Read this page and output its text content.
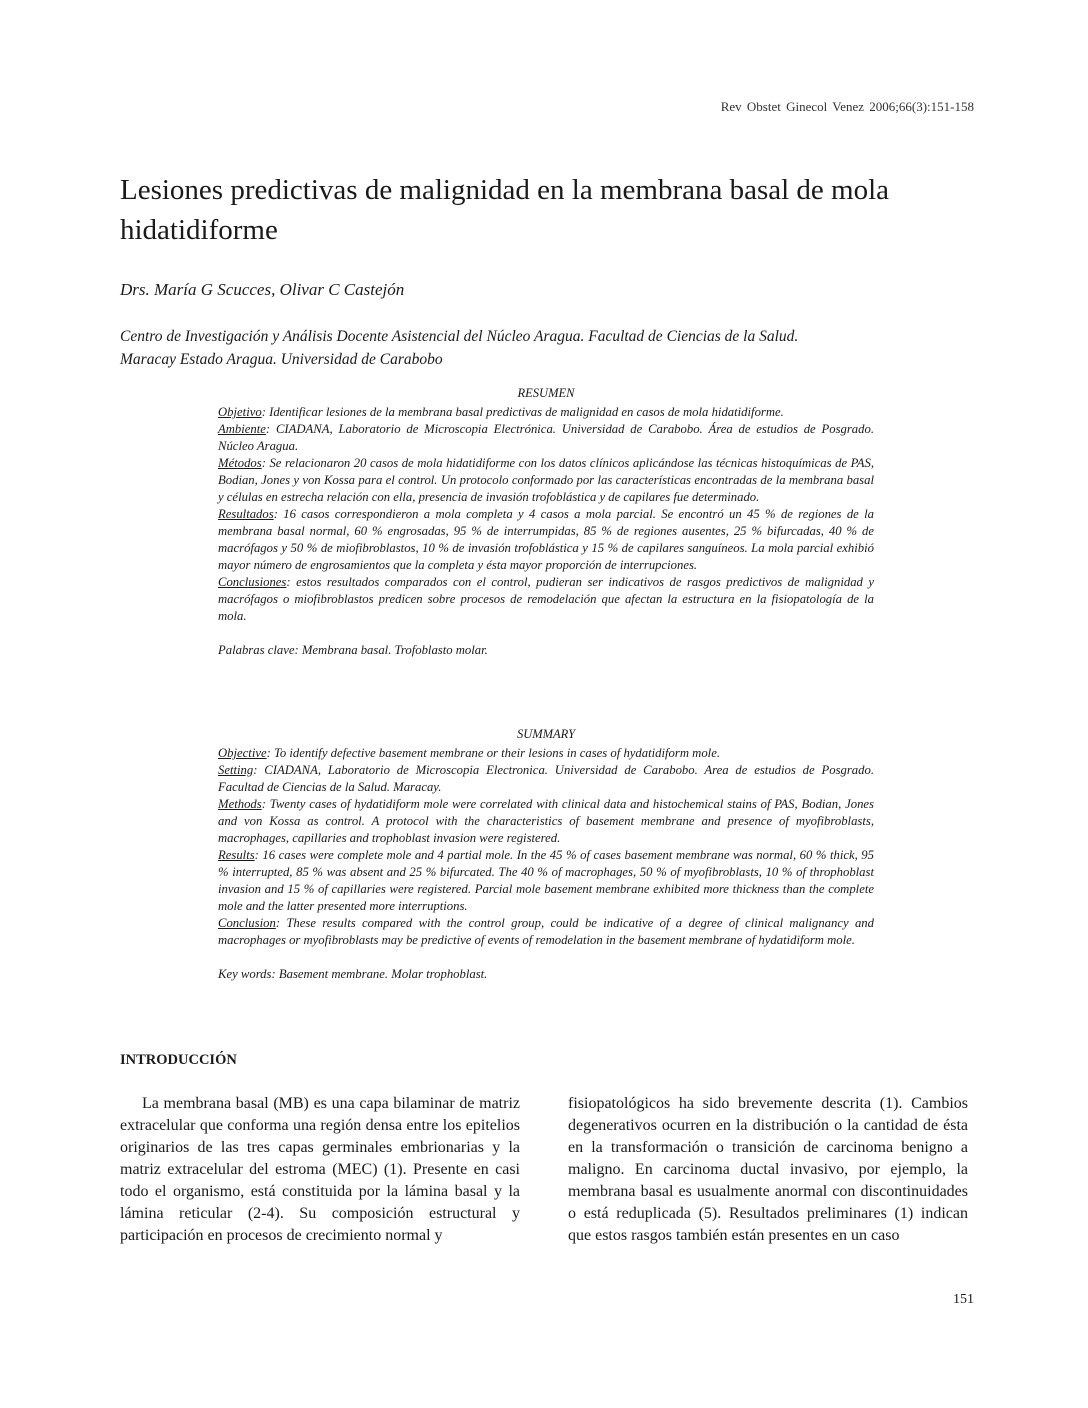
Rev Obstet Ginecol Venez 2006;66(3):151-158
Lesiones predictivas de malignidad en la membrana basal de mola hidatidiforme
Drs. María G Scucces, Olivar C Castejón
Centro de Investigación y Análisis Docente Asistencial del Núcleo Aragua. Facultad de Ciencias de la Salud.
Maracay Estado Aragua. Universidad de Carabobo

RESUMEN

Objetivo: Identificar lesiones de la membrana basal predictivas de malignidad en casos de mola hidatidiforme.

Ambiente: CIADANA, Laboratorio de Microscopia Electrónica. Universidad de Carabobo. Área de estudios de Posgrado. Núcleo Aragua.

Métodos: Se relacionaron 20 casos de mola hidatidiforme con los datos clínicos aplicándose las técnicas histoquímicas de PAS, Bodian, Jones y von Kossa para el control. Un protocolo conformado por las características encontradas de la membrana basal y células en estrecha relación con ella, presencia de invasión trofoblástica y de capilares fue determinado.

Resultados: 16 casos correspondieron a mola completa y 4 casos a mola parcial. Se encontró un 45 % de regiones de la membrana basal normal, 60 % engrosadas, 95 % de interrumpidas, 85 % de regiones ausentes, 25 % bifurcadas, 40 % de macrófagos y 50 % de miofibroblastos, 10 % de invasión trofoblástica y 15 % de capilares sanguíneos. La mola parcial exhibió mayor número de engrosamientos que la completa y ésta mayor proporción de interrupciones.

Conclusiones: estos resultados comparados con el control, pudieran ser indicativos de rasgos predictivos de malignidad y macrófagos o miofibroblastos predicen sobre procesos de remodelación que afectan la estructura en la fisiopatología de la mola.

Palabras clave: Membrana basal. Trofoblasto molar.

SUMMARY

Objective: To identify defective basement membrane or their lesions in cases of hydatidiform mole.

Setting: CIADANA, Laboratorio de Microscopia Electronica. Universidad de Carabobo. Area de estudios de Posgrado. Facultad de Ciencias de la Salud. Maracay.

Methods: Twenty cases of hydatidiform mole were correlated with clinical data and histochemical stains of PAS, Bodian, Jones and von Kossa as control. A protocol with the characteristics of basement membrane and presence of myofibroblasts, macrophages, capillaries and trophoblast invasion were registered.

Results: 16 cases were complete mole and 4 partial mole. In the 45 % of cases basement membrane was normal, 60 % thick, 95 % interrupted, 85 % was absent and 25 % bifurcated. The 40 % of macrophages, 50 % of myofibroblasts, 10 % of throphoblast invasion and 15 % of capillaries were registered. Parcial mole basement membrane exhibited more thickness than the complete mole and the latter presented more interruptions.

Conclusion: These results compared with the control group, could be indicative of a degree of clinical malignancy and macrophages or myofibroblasts may be predictive of events of remodelation in the basement membrane of hydatidiform mole.

Key words: Basement membrane. Molar trophoblast.

INTRODUCCIÓN

La membrana basal (MB) es una capa bilaminar de matriz extracelular que conforma una región densa entre los epitelios originarios de las tres capas germinales embrionarias y la matriz extracelular del estroma (MEC) (1). Presente en casi todo el organismo, está constituida por la lámina basal y la lámina reticular (2-4). Su composición estructural y participación en procesos de crecimiento normal y

fisiopatológicos ha sido brevemente descrita (1). Cambios degenerativos ocurren en la distribución o la cantidad de ésta en la transformación o transición de carcinoma benigno a maligno. En carcinoma ductal invasivo, por ejemplo, la membrana basal es usualmente anormal con discontinuidades o está reduplicada (5). Resultados preliminares (1) indican que estos rasgos también están presentes en un caso

151
